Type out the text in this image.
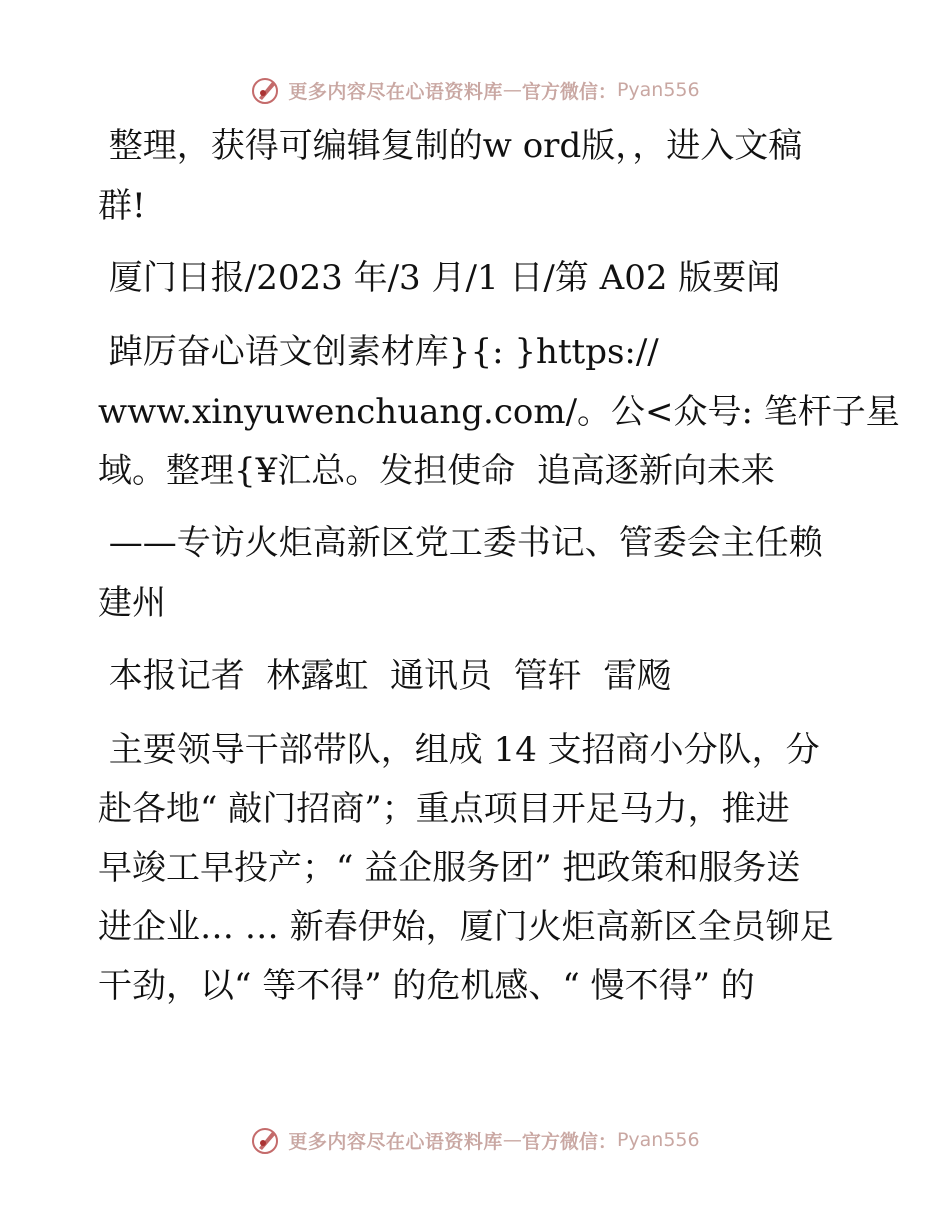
更多内容尽在心语资料库 — 官方微信： Pyan556
整理，获得可编辑复制的w ord版，，进入文稿
群!
厦门日报/2023 年/3 月/1 日/第 A02 版要闻
踔厉奋心语文创素材库}{: }https://
www.xinyuwenchuang.com/。公<众号: 笔杆子星
域。整理{¥汇总。发担使命  追高逐新向未来
——专访火炬高新区党工委书记、管委会主任赖
建州
本报记者  林露虹  通讯员  管轩  雷飏
主要领导干部带队，组成 14 支招商小分队，分
赴各地“ 敲门招商”；重点项目开足马力，推进
早竣工早投产；“ 益企服务团” 把政策和服务送
进企业… … 新春伊始，厦门火炬高新区全员铆足
干劲，以“ 等不得” 的危机感、“ 慢不得” 的
更多内容尽在心语资料库 — 官方微信： Pyan556
